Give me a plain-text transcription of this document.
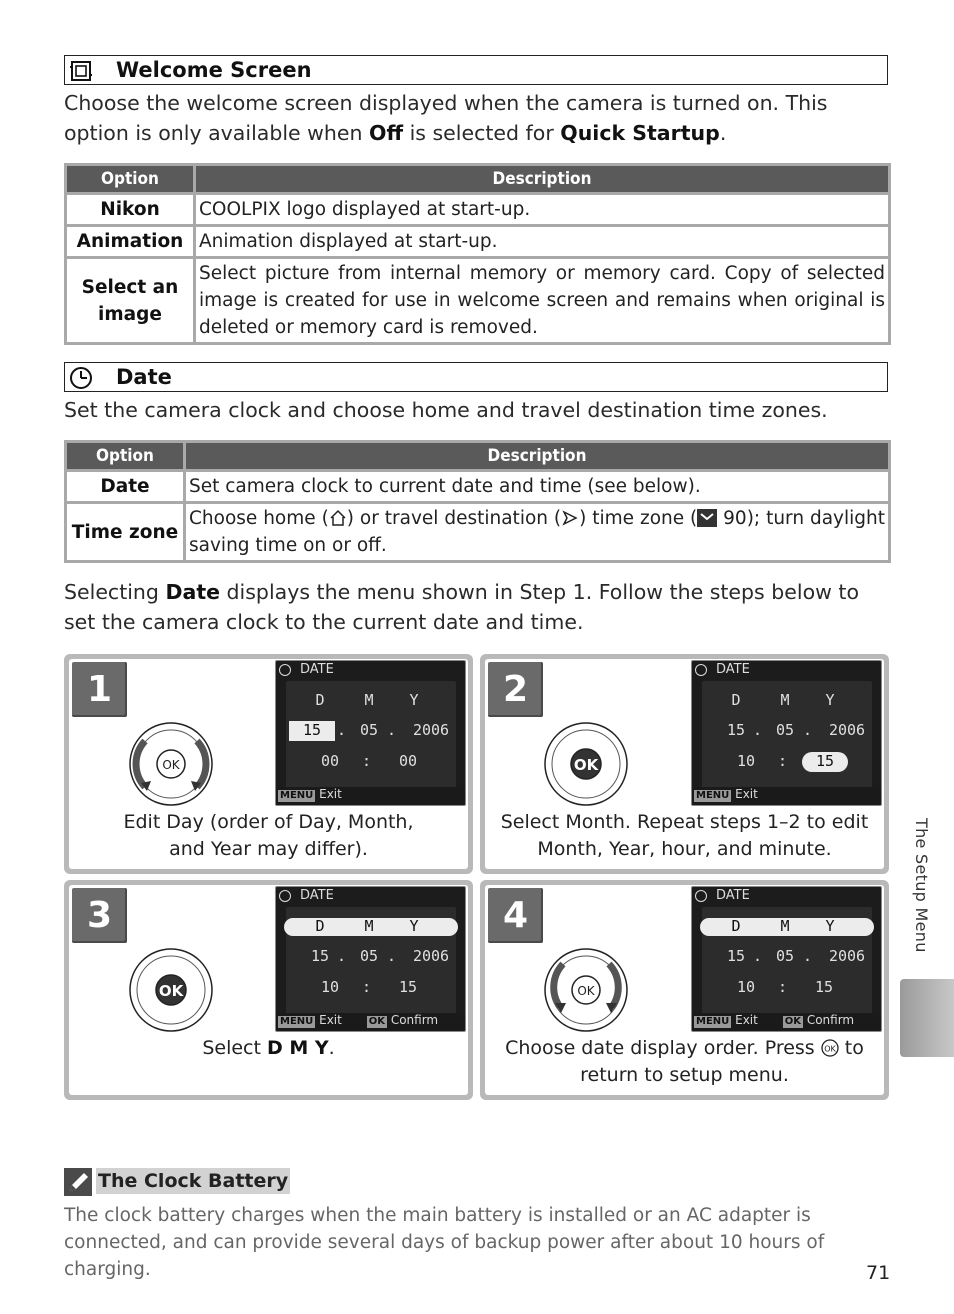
Welcome Screen
Choose the welcome screen displayed when the camera is turned on. This option is only available when Off is selected for Quick Startup.
Option	Description
Nikon	COOLPIX logo displayed at start-up.
Animation	Animation displayed at start-up.
Select an image	Select picture from internal memory or memory card. Copy of selected image is created for use in welcome screen and remains when original is deleted or memory card is removed.
Date
Set the camera clock and choose home and travel destination time zones.
Option	Description
Date	Set camera clock to current date and time (see below).
Time zone	Choose home ( ) or travel destination ( ) time zone ( 90); turn daylight saving time on or off.
Selecting Date displays the menu shown in Step 1. Follow the steps below to set the camera clock to the current date and time.
1
OK
DATE
D	M	Y
15	. 05 . 2006
00	:	00
MENU Exit
Edit Day (order of Day, Month,
and Year may differ).
2
OK
DATE
D	M	Y
15 . 05 . 2006
10	:	15
MENU Exit
Select Month. Repeat steps 1–2 to edit
Month, Year, hour, and minute.
3
OK
DATE
D	M	Y
15 . 05 . 2006
10	:	15
MENU Exit	OK Confirm
Select D M Y.
4
OK
DATE
D	M	Y
15 . 05 . 2006
10	:	15
MENU Exit	OK Confirm
Choose date display order. Press OK to
return to setup menu.
The Setup Menu
The Clock Battery
The clock battery charges when the main battery is installed or an AC adapter is connected, and can provide several days of backup power after about 10 hours of charging.	71
